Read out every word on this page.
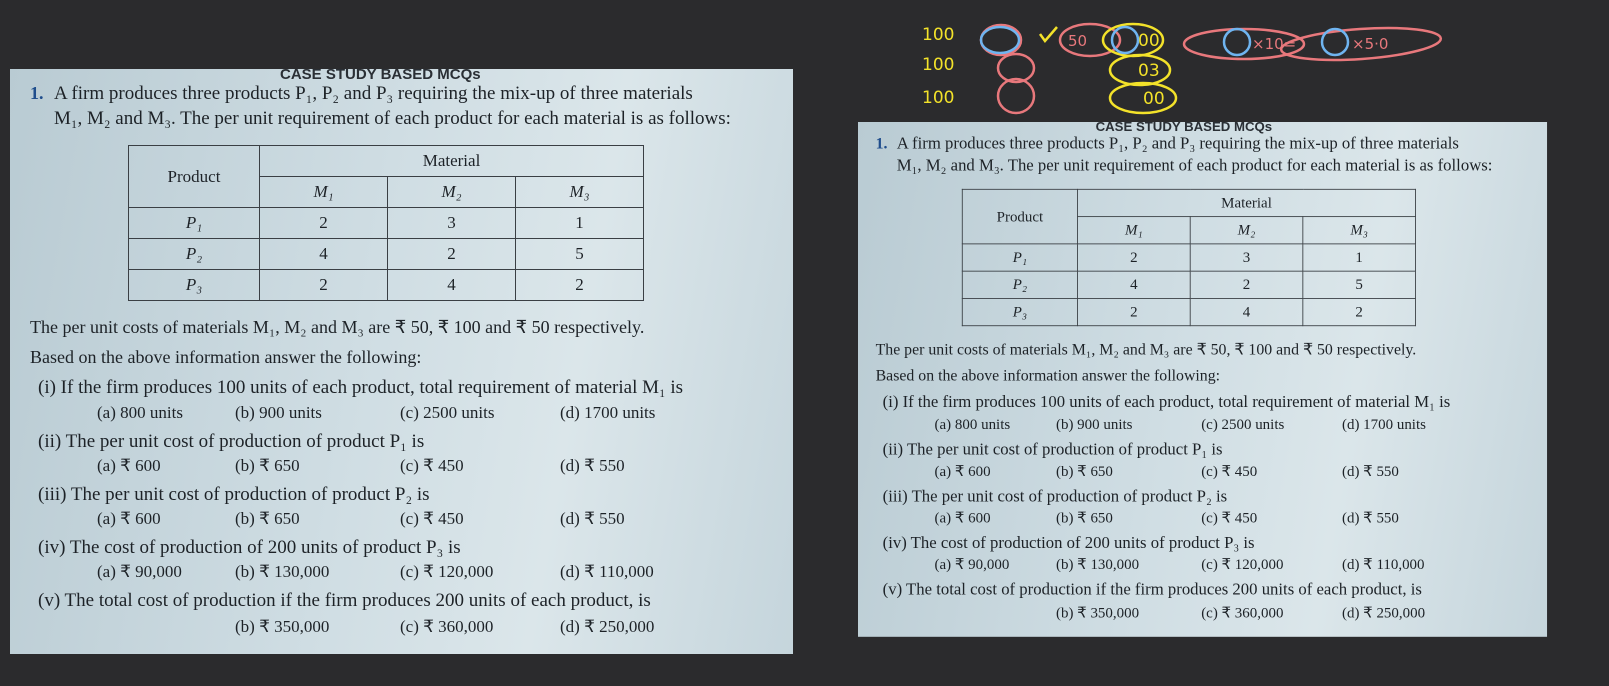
CASE STUDY BASED MCQs
1. A firm produces three products P₁, P₂ and P₃ requiring the mix-up of three materials
M₁, M₂ and M₃. The per unit requirement of each product for each material is as follows:
Product	Material		
	M₁	M₂	M₃
P₁	2	3	1
P₂	4	2	5
P₃	2	4	2
The per unit costs of materials M₁, M₂ and M₃ are ₹ 50, ₹ 100 and ₹ 50 respectively.
Based on the above information answer the following:
(i) If the firm produces 100 units of each product, total requirement of material M₁ is
(a) 800 units	(b) 900 units	(c) 2500 units	(d) 1700 units
(ii) The per unit cost of production of product P₁ is
(a) ₹ 600	(b) ₹ 650	(c) ₹ 450	(d) ₹ 550
(iii) The per unit cost of production of product P₂ is
(a) ₹ 600	(b) ₹ 650	(c) ₹ 450	(d) ₹ 550
(iv) The cost of production of 200 units of product P₃ is
(a) ₹ 90,000	(b) ₹ 130,000	(c) ₹ 120,000	(d) ₹ 110,000
(v) The total cost of production if the firm produces 200 units of each product, is
(b) ₹ 350,000	(c) ₹ 360,000	(d) ₹ 250,000
CASE STUDY BASED MCQs
1. A firm produces three products P₁, P₂ and P₃ requiring the mix-up of three materials
M₁, M₂ and M₃. The per unit requirement of each product for each material is as follows:
Product	Material		
	M₁	M₂	M₃
P₁	2	3	1
P₂	4	2	5
P₃	2	4	2
The per unit costs of materials M₁, M₂ and M₃ are ₹ 50, ₹ 100 and ₹ 50 respectively.
Based on the above information answer the following:
(i) If the firm produces 100 units of each product, total requirement of material M₁ is
(a) 800 units	(b) 900 units	(c) 2500 units	(d) 1700 units
(ii) The per unit cost of production of product P₁ is
(a) ₹ 600	(b) ₹ 650	(c) ₹ 450	(d) ₹ 550
(iii) The per unit cost of production of product P₂ is
(a) ₹ 600	(b) ₹ 650	(c) ₹ 450	(d) ₹ 550
(iv) The cost of production of 200 units of product P₃ is
(a) ₹ 90,000	(b) ₹ 130,000	(c) ₹ 120,000	(d) ₹ 110,000
(v) The total cost of production if the firm produces 200 units of each product, is
(b) ₹ 350,000	(c) ₹ 360,000	(d) ₹ 250,000
100
100
100
00
03
00
50	×10=	×5·0
